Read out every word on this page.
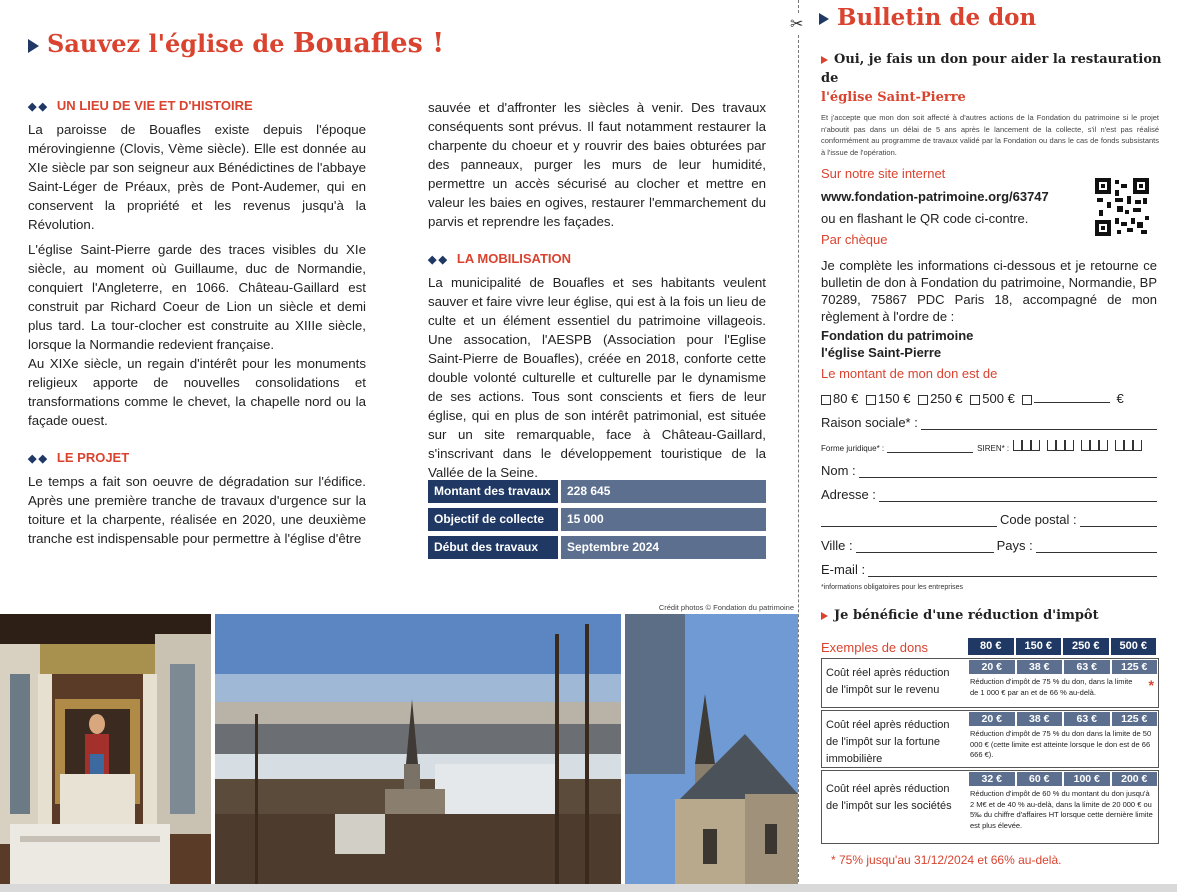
Sauvez l'église de Bouafles !
◆◆ UN LIEU DE VIE ET D'HISTOIRE

La paroisse de Bouafles existe depuis l'époque mérovingienne (Clovis, Vème siècle). Elle est donnée au XIe siècle par son seigneur aux Bénédictines de l'abbaye Saint-Léger de Préaux, près de Pont-Audemer, qui en conservent la propriété et les revenus jusqu'à la Révolution.

L'église Saint-Pierre garde des traces visibles du XIe siècle, au moment où Guillaume, duc de Normandie, conquiert l'Angleterre, en 1066. Château-Gaillard est construit par Richard Coeur de Lion un siècle et demi plus tard. La tour-clocher est construite au XIIIe siècle, lorsque la Normandie redevient française.

Au XIXe siècle, un regain d'intérêt pour les monuments religieux apporte de nouvelles consolidations et transformations comme le chevet, la chapelle nord ou la façade ouest.

◆◆ LE PROJET

Le temps a fait son oeuvre de dégradation sur l'édifice. Après une première tranche de travaux d'urgence sur la toiture et la charpente, réalisée en 2020, une deuxième tranche est indispensable pour permettre à l'église d'être

sauvée et d'affronter les siècles à venir. Des travaux conséquents sont prévus. Il faut notamment restaurer la charpente du choeur et y rouvrir des baies obturées par des panneaux, purger les murs de leur humidité, permettre un accès sécurisé au clocher et mettre en valeur les baies en ogives, restaurer l'emmarchement du parvis et reprendre les façades.

◆◆ LA MOBILISATION

La municipalité de Bouafles et ses habitants veulent sauver et faire vivre leur église, qui est à la fois un lieu de culte et un élément essentiel du patrimoine villageois. Une assocation, l'AESPB (Association pour l'Eglise Saint-Pierre de Bouafles), créée en 2018, conforte cette double volonté culturelle et culturelle par le dynamisme de ses actions. Tous sont conscients et fiers de leur église, qui en plus de son intérêt patrimonial, est située sur un site remarquable, face à Château-Gaillard, s'inscrivant dans le développement touristique de la Vallée de la Seine.

Montant des travaux	228 645
Objectif de collecte	15 000
Début des travaux	Septembre 2024
Crédit photos © Fondation du patrimoine
✂	Bulletin de don
Oui, je fais un don pour aider la restauration de
l'église Saint-Pierre
Et j'accepte que mon don soit affecté à d'autres actions de la Fondation du patrimoine si le projet n'aboutit pas dans un délai de 5 ans après le lancement de la collecte, s'il n'est pas réalisé conformément au programme de travaux validé par la Fondation ou dans le cas de fonds subsistants à l'issue de l'opération.
Sur notre site internet
www.fondation-patrimoine.org/63747
ou en flashant le QR code ci-contre.
Par chèque
Je complète les informations ci-dessous et je retourne ce bulletin de don à Fondation du patrimoine, Normandie, BP 70289, 75867 PDC Paris 18, accompagné de mon règlement à l'ordre de :
Fondation du patrimoine
l'église Saint-Pierre
Le montant de mon don est de
80 € 150 € 250 € 500 €	€
Raison sociale* :
Forme juridique* :	SIREN* :
Nom :
Adresse :
Code postal :
Ville :	Pays :
E-mail :
*informations obligatoires pour les entreprises
Je bénéficie d'une réduction d'impôt
Exemples de dons	80 €	150 €	250 €	500 €
Coût réel après réduction de l'impôt sur le revenu
20 €	38 €	63 €	125 €
Réduction d'impôt de 75 % du don, dans la limite de 1 000 € par an et de 66 % au-delà.	*
Coût réel après réduction de l'impôt sur la fortune immobilière
20 €	38 €	63 €	125 €
Réduction d'impôt de 75 % du don dans la limite de 50 000 € (cette limite est atteinte lorsque le don est de 66 666 €).
Coût réel après réduction de l'impôt sur les sociétés
32 €	60 €	100 €	200 €
Réduction d'impôt de 60 % du montant du don jusqu'à 2 M€ et de 40 % au-delà, dans la limite de 20 000 € ou 5‰ du chiffre d'affaires HT lorsque cette dernière limite est plus élevée.
* 75% jusqu'au 31/12/2024 et 66% au-delà.
